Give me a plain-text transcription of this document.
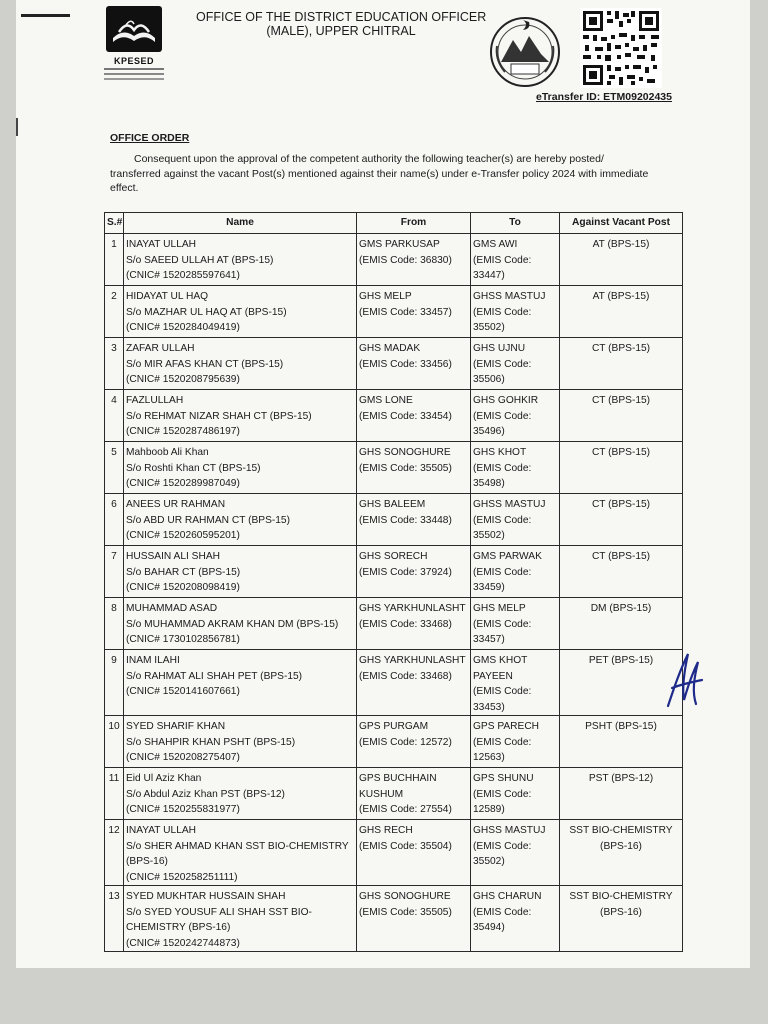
KPESED
OFFICE OF THE DISTRICT EDUCATION OFFICER
(MALE), UPPER CHITRAL
eTransfer ID: ETM09202435
OFFICE ORDER

Consequent upon the approval of the competent authority the following teacher(s) are hereby posted/ transferred against the vacant Post(s) mentioned against their name(s) under e-Transfer policy 2024 with immediate effect.

S.#	Name	From	To	Against Vacant Post
1	INAYAT ULLAH
S/o SAEED ULLAH AT (BPS-15)
(CNIC# 1520285597641)	GMS PARKUSAP
(EMIS Code: 36830)	GMS AWI
(EMIS Code:
33447)	AT (BPS-15)

2	HIDAYAT UL HAQ
S/o MAZHAR UL HAQ AT (BPS-15)
(CNIC# 1520284049419)	GHS MELP
(EMIS Code: 33457)	GHSS MASTUJ
(EMIS Code:
35502)	AT (BPS-15)

3	ZAFAR ULLAH
S/o MIR AFAS KHAN CT (BPS-15)
(CNIC# 1520208795639)	GHS MADAK
(EMIS Code: 33456)	GHS UJNU
(EMIS Code:
35506)	CT (BPS-15)

4	FAZLULLAH
S/o REHMAT NIZAR SHAH CT (BPS-15)
(CNIC# 1520287486197)	GMS LONE
(EMIS Code: 33454)	GHS GOHKIR
(EMIS Code:
35496)	CT (BPS-15)

5	Mahboob Ali Khan
S/o Roshti Khan CT (BPS-15)
(CNIC# 1520289987049)	GHS SONOGHURE
(EMIS Code: 35505)	GHS KHOT
(EMIS Code:
35498)	CT (BPS-15)

6	ANEES UR RAHMAN
S/o ABD UR RAHMAN CT (BPS-15)
(CNIC# 1520260595201)	GHS BALEEM
(EMIS Code: 33448)	GHSS MASTUJ
(EMIS Code:
35502)	CT (BPS-15)

7	HUSSAIN ALI SHAH
S/o BAHAR CT (BPS-15)
(CNIC# 1520208098419)	GHS SORECH
(EMIS Code: 37924)	GMS PARWAK
(EMIS Code:
33459)	CT (BPS-15)

8	MUHAMMAD ASAD
S/o MUHAMMAD AKRAM KHAN DM (BPS-15)
(CNIC# 1730102856781)	GHS YARKHUNLASHT
(EMIS Code: 33468)	GHS MELP
(EMIS Code:
33457)	DM (BPS-15)

9	INAM ILAHI
S/o RAHMAT ALI SHAH PET (BPS-15)
(CNIC# 1520141607661)	GHS YARKHUNLASHT
(EMIS Code: 33468)	GMS KHOT
PAYEEN
(EMIS Code:
33453)	PET (BPS-15)

10	SYED SHARIF KHAN
S/o SHAHPIR KHAN PSHT (BPS-15)
(CNIC# 1520208275407)	GPS PURGAM
(EMIS Code: 12572)	GPS PARECH
(EMIS Code:
12563)	PSHT (BPS-15)

11	Eid Ul Aziz Khan
S/o Abdul Aziz Khan PST (BPS-12)
(CNIC# 1520255831977)	GPS BUCHHAIN
KUSHUM
(EMIS Code: 27554)	GPS SHUNU
(EMIS Code:
12589)	PST (BPS-12)

12	INAYAT ULLAH
S/o SHER AHMAD KHAN SST BIO-CHEMISTRY
(BPS-16)
(CNIC# 1520258251111)	GHS RECH
(EMIS Code: 35504)	GHSS MASTUJ
(EMIS Code:
35502)	SST BIO-CHEMISTRY (BPS-16)

13	SYED MUKHTAR HUSSAIN SHAH
S/o SYED YOUSUF ALI SHAH SST BIO-
CHEMISTRY (BPS-16)
(CNIC# 1520242744873)	GHS SONOGHURE
(EMIS Code: 35505)	GHS CHARUN
(EMIS Code:
35494)	SST BIO-CHEMISTRY (BPS-16)
